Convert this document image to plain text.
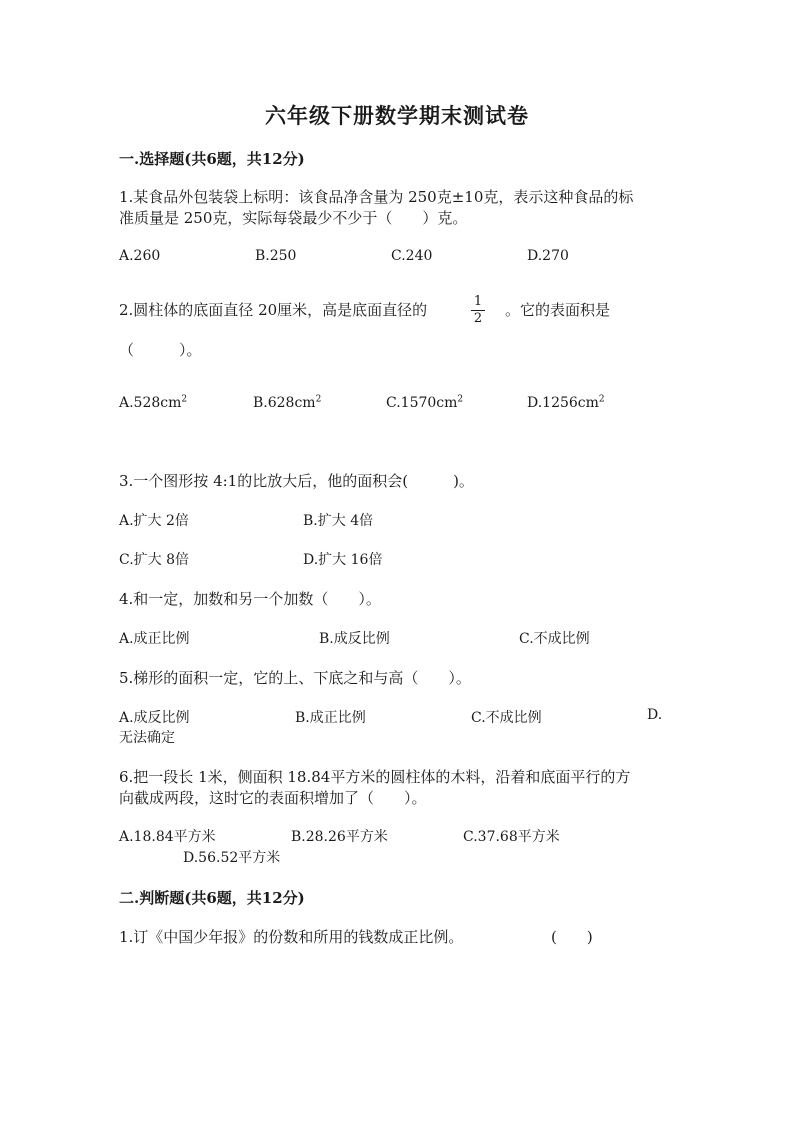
六年级下册数学期末测试卷
一.选择题(共6题，共12分)
1.某食品外包装袋上标明：该食品净含量为 250克±10克，表示这种食品的标
准质量是 250克，实际每袋最少不少于（　　）克。
A.260	B.250	C.240	D.270
2.圆柱体的底面直径 20厘米，高是底面直径的	1
2 。它的表面积是
（　　　）。
$A.528cm^2$	$B.628cm^2$	$C.1570cm^2$	$D.1256cm^2$
3.一个图形按 4:1的比放大后，他的面积会(　　　)。
A.扩大 2倍	B.扩大 4倍
C.扩大 8倍	D.扩大 16倍
4.和一定，加数和另一个加数（　　）。
A.成正比例	B.成反比例	C.不成比例
5.梯形的面积一定，它的上、下底之和与高（　　）。
A.成反比例	B.成正比例	C.不成比例	D.
无法确定
6.把一段长 1米，侧面积 18.84平方米的圆柱体的木料，沿着和底面平行的方
向截成两段，这时它的表面积增加了（　　）。
A.18.84平方米	B.28.26平方米	C.37.68平方米
D.56.52平方米
二.判断题(共6题，共12分)
1.订《中国少年报》的份数和所用的钱数成正比例。	(　　)
